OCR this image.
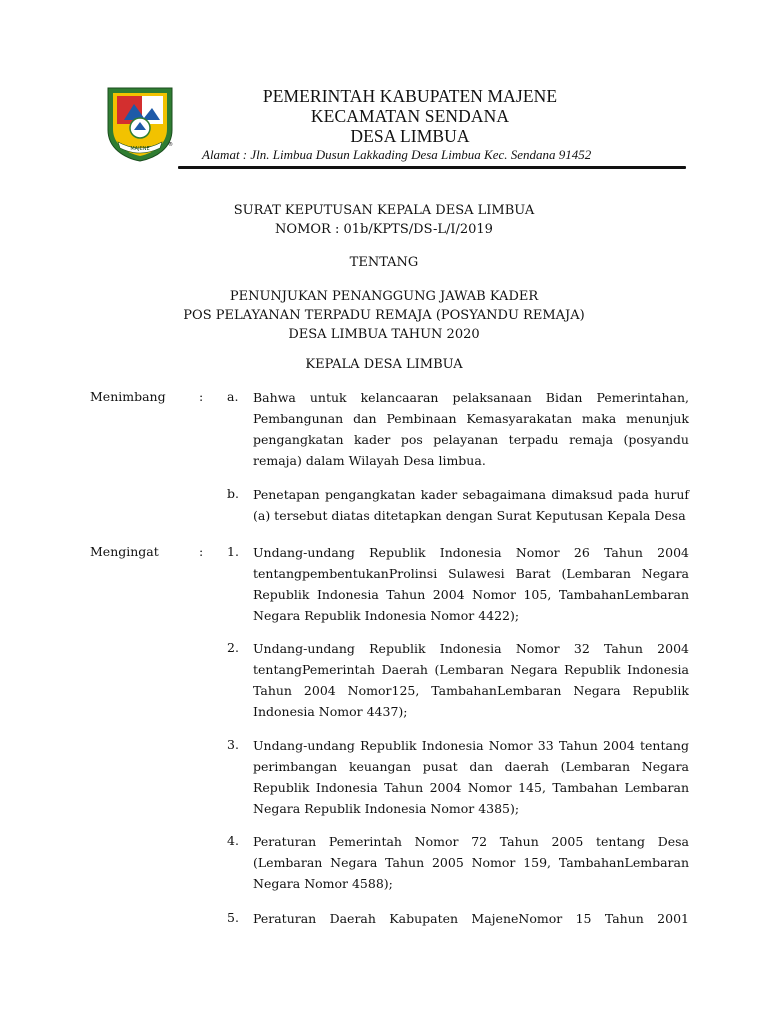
MAJENE
®
PEMERINTAH KABUPATEN MAJENE
KECAMATAN SENDANA
DESA LIMBUA
Alamat : Jln. Limbua Dusun Lakkading Desa Limbua Kec. Sendana 91452
SURAT KEPUTUSAN KEPALA DESA LIMBUA
NOMOR : 01b/KPTS/DS-L/I/2019
TENTANG
PENUNJUKAN PENANGGUNG JAWAB KADER
POS PELAYANAN TERPADU REMAJA (POSYANDU REMAJA)
DESA LIMBUA TAHUN 2020
KEPALA DESA LIMBUA
Menimbang	: a. Bahwa untuk kelancaaran pelaksanaan Bidan Pemerintahan,
Pembangunan dan Pembinaan Kemasyarakatan maka menunjuk
pengangkatan kader pos pelayanan terpadu remaja (posyandu
remaja) dalam Wilayah Desa limbua.
b. Penetapan pengangkatan kader sebagaimana dimaksud pada huruf
(a) tersebut diatas ditetapkan dengan Surat Keputusan Kepala Desa
Mengingat	: 1. Undang-undang Republik Indonesia Nomor 26 Tahun 2004
tentangpembentukanProlinsi Sulawesi Barat (Lembaran Negara
Republik Indonesia Tahun 2004 Nomor 105, TambahanLembaran
Negara Republik Indonesia Nomor 4422);
2. Undang-undang Republik Indonesia Nomor 32 Tahun 2004
tentangPemerintah Daerah (Lembaran Negara Republik Indonesia
Tahun 2004 Nomor125, TambahanLembaran Negara Republik
Indonesia Nomor 4437);
3. Undang-undang Republik Indonesia Nomor 33 Tahun 2004 tentang
perimbangan keuangan pusat dan daerah (Lembaran Negara
Republik Indonesia Tahun 2004 Nomor 145, Tambahan Lembaran
Negara Republik Indonesia Nomor 4385);
4. Peraturan Pemerintah Nomor 72 Tahun 2005 tentang Desa
(Lembaran Negara Tahun 2005 Nomor 159, TambahanLembaran
Negara Nomor 4588);
5. Peraturan Daerah Kabupaten MajeneNomor 15 Tahun 2001
